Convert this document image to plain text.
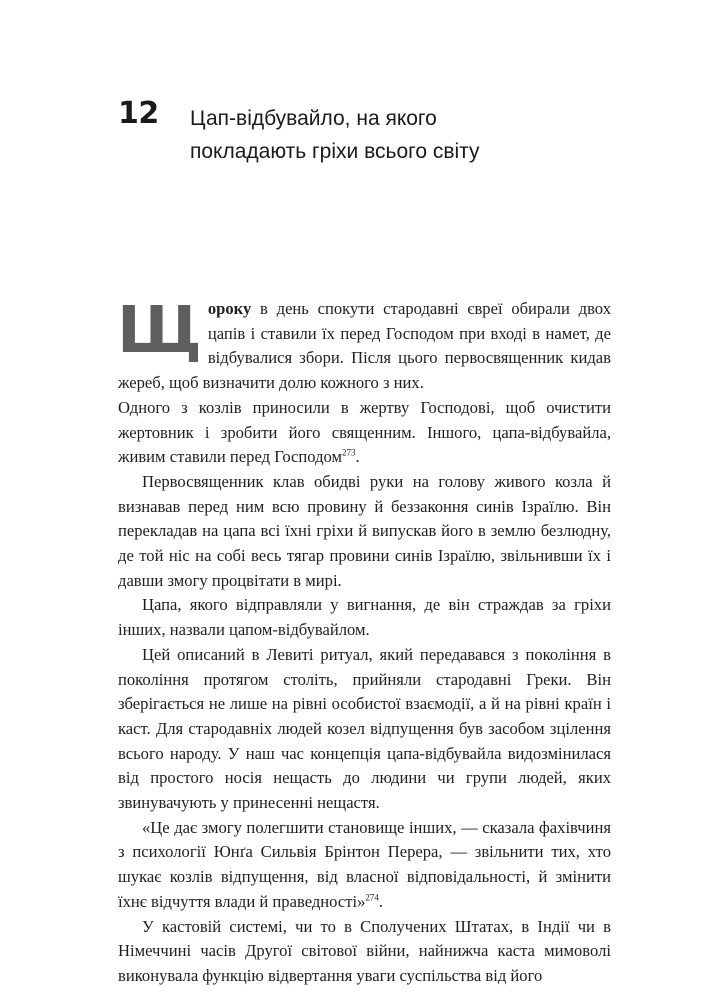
12 Цап-відбувайло, на якого
покладають гріхи всього світу

Щороку в день спокути стародавні євреї обирали двох цапів і ставили їх перед Господом при вході в намет, де відбувалися збори. Після цього первосвященник кидав жереб, щоб визначити долю кожного з них.

Одного з козлів приносили в жертву Господові, щоб очистити жертовник і зробити його священним. Іншого, цапа-відбувайла, живим ставили перед Господом$^{273}$.

Первосвященник клав обидві руки на голову живого козла й визнавав перед ним всю провину й беззаконня синів Ізраїлю. Він перекладав на цапа всі їхні гріхи й випускав його в землю безлюдну, де той ніс на собі весь тягар провини синів Ізраїлю, звільнивши їх і давши змогу процвітати в мирі.

Цапа, якого відправляли у вигнання, де він страждав за гріхи інших, назвали цапом-відбувайлом.

Цей описаний в Левиті ритуал, який передавався з покоління в покоління протягом століть, прийняли стародавні Греки. Він зберігається не лише на рівні особистої взаємодії, а й на рівні країн і каст. Для стародавніх людей козел відпущення був засобом зцілення всього народу. У наш час концепція цапа-відбувайла видозмінилася від простого носія нещасть до людини чи групи людей, яких звинувачують у принесенні нещастя.

«Це дає змогу полегшити становище інших, — сказала фахівчиня з психології Юнґа Сильвія Брінтон Перера, — звільнити тих, хто шукає козлів відпущення, від власної відповідальності, й змінити їхнє відчуття влади й праведності»$^{274}$.

У кастовій системі, чи то в Сполучених Штатах, в Індії чи в Німеччині часів Другої світової війни, найнижча каста мимоволі виконувала функцію відвертання уваги суспільства від його
